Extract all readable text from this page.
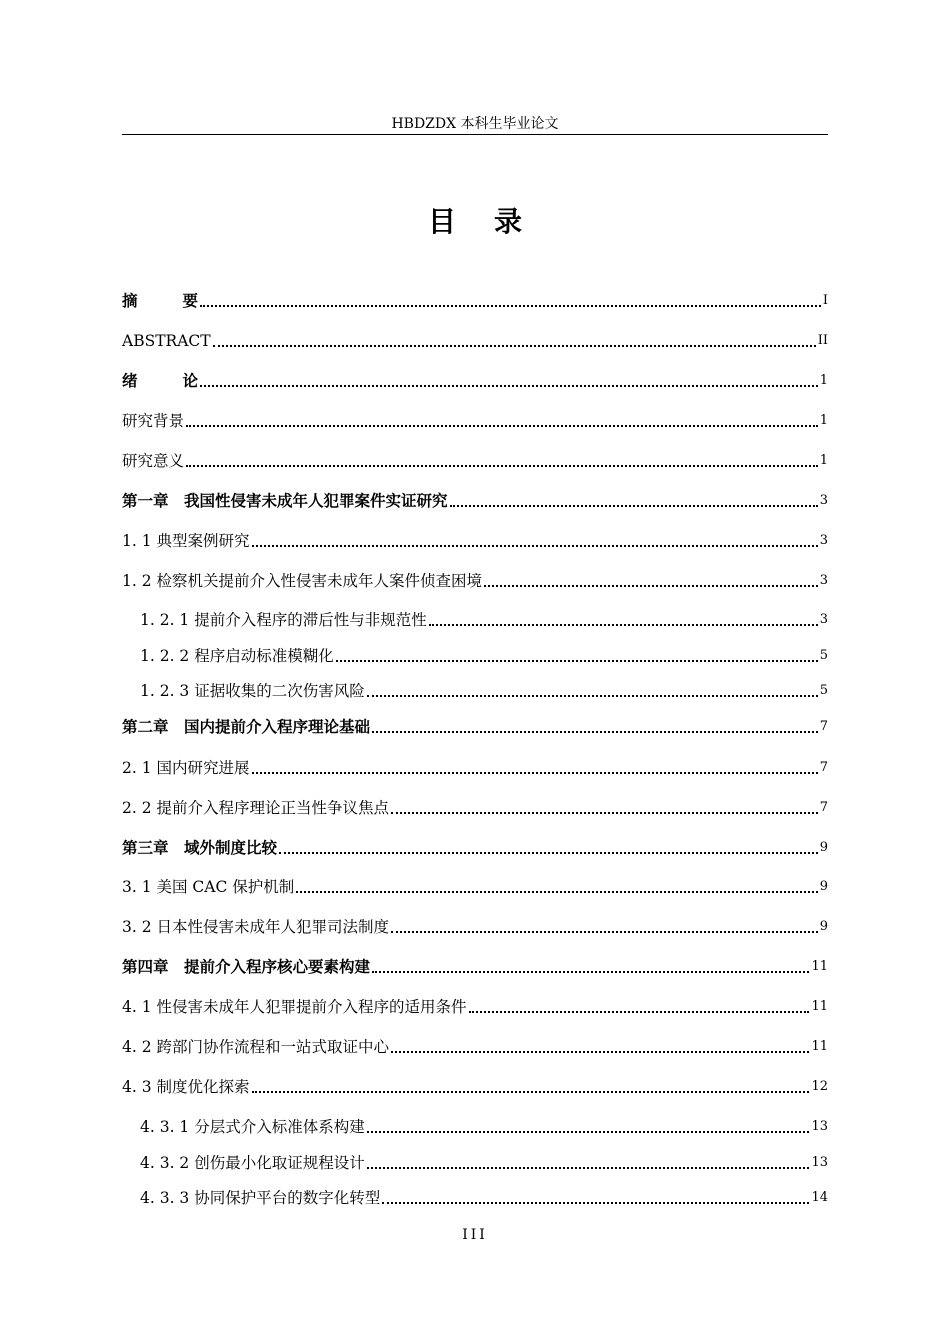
HBDZDX 本科生毕业论文
目 录
摘	要	I
ABSTRACT	II
绪	论	1
研究背景	1
研究意义	1
第一章　我国性侵害未成年人犯罪案件实证研究	3
1. 1 典型案例研究	3
1. 2 检察机关提前介入性侵害未成年人案件侦查困境	3
1. 2. 1 提前介入程序的滞后性与非规范性	3
1. 2. 2 程序启动标准模糊化	5
1. 2. 3 证据收集的二次伤害风险	5
第二章　国内提前介入程序理论基础	7
2. 1 国内研究进展	7
2. 2 提前介入程序理论正当性争议焦点	7
第三章　域外制度比较	9
3. 1 美国 CAC 保护机制	9
3. 2 日本性侵害未成年人犯罪司法制度	9
第四章　提前介入程序核心要素构建	11
4. 1 性侵害未成年人犯罪提前介入程序的适用条件	11
4. 2 跨部门协作流程和一站式取证中心	11
4. 3 制度优化探索	12
4. 3. 1 分层式介入标准体系构建	13
4. 3. 2 创伤最小化取证规程设计	13
4. 3. 3 协同保护平台的数字化转型	14
III
